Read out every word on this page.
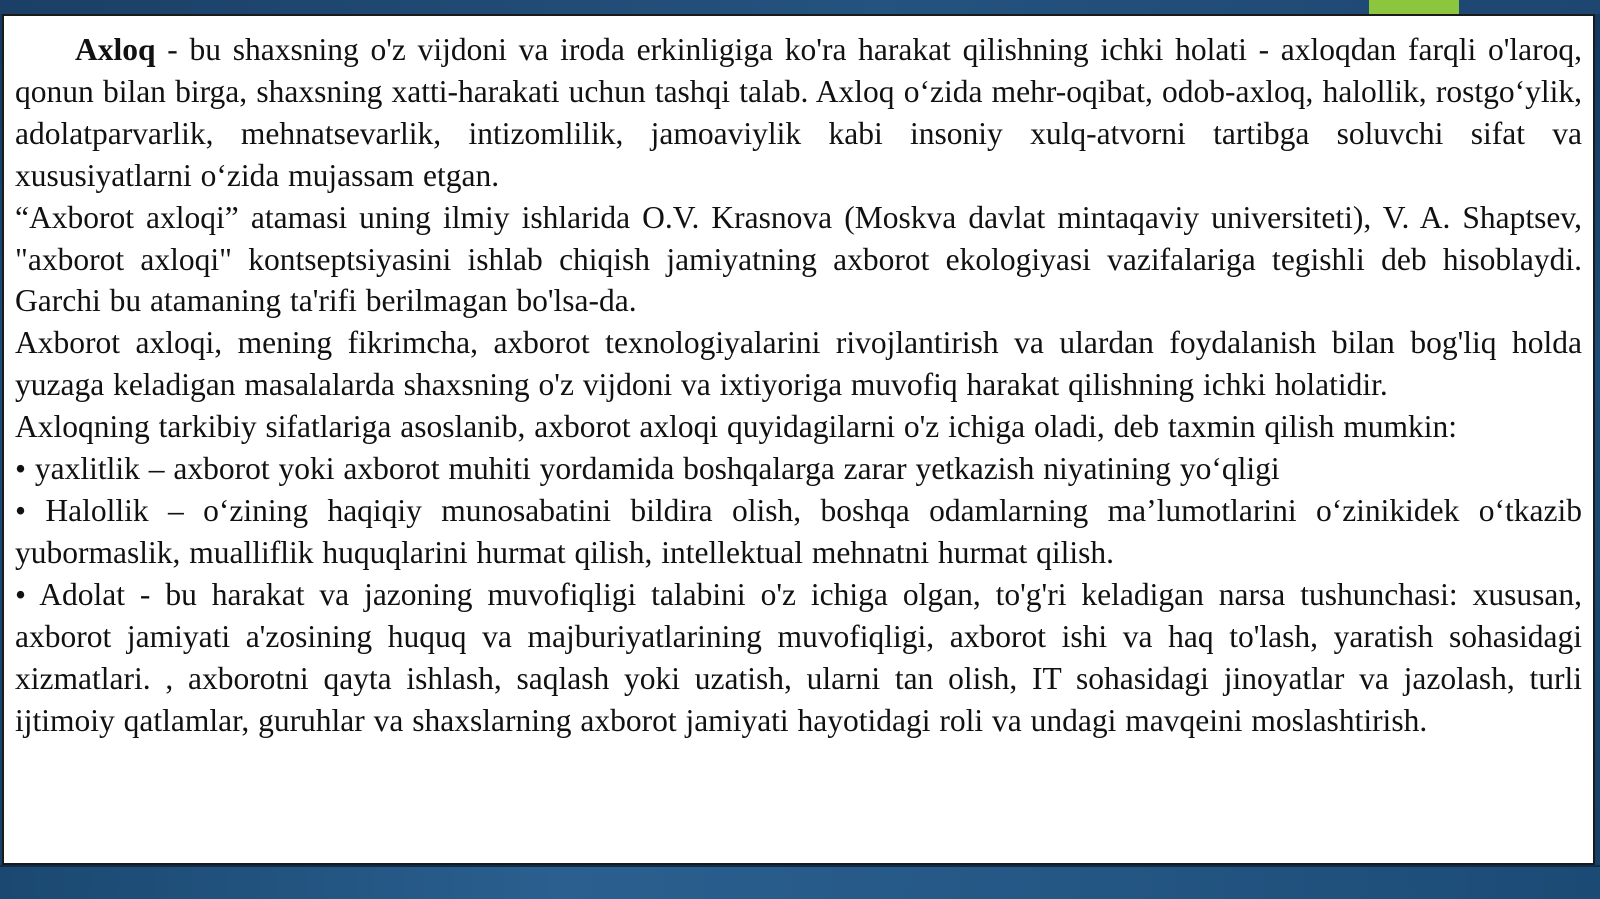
Axloq - bu shaxsning o'z vijdoni va iroda erkinligiga ko'ra harakat qilishning ichki holati - axloqdan farqli o'laroq, qonun bilan birga, shaxsning xatti-harakati uchun tashqi talab. Axloq oʻzida mehr-oqibat, odob-axloq, halollik, rostgoʻylik, adolatparvarlik, mehnatsevarlik, intizomlilik, jamoaviylik kabi insoniy xulq-atvorni tartibga soluvchi sifat va xususiyatlarni oʻzida mujassam etgan.

“Axborot axloqi” atamasi uning ilmiy ishlarida O.V. Krasnova (Moskva davlat mintaqaviy universiteti), V. A. Shaptsev, "axborot axloqi" kontseptsiyasini ishlab chiqish jamiyatning axborot ekologiyasi vazifalariga tegishli deb hisoblaydi. Garchi bu atamaning ta'rifi berilmagan bo'lsa-da.

Axborot axloqi, mening fikrimcha, axborot texnologiyalarini rivojlantirish va ulardan foydalanish bilan bog'liq holda yuzaga keladigan masalalarda shaxsning o'z vijdoni va ixtiyoriga muvofiq harakat qilishning ichki holatidir.

Axloqning tarkibiy sifatlariga asoslanib, axborot axloqi quyidagilarni o'z ichiga oladi, deb taxmin qilish mumkin:

• yaxlitlik – axborot yoki axborot muhiti yordamida boshqalarga zarar yetkazish niyatining yoʻqligi

• Halollik – oʻzining haqiqiy munosabatini bildira olish, boshqa odamlarning maʼlumotlarini oʻzinikidek oʻtkazib yubormaslik, mualliflik huquqlarini hurmat qilish, intellektual mehnatni hurmat qilish.

• Adolat - bu harakat va jazoning muvofiqligi talabini o'z ichiga olgan, to'g'ri keladigan narsa tushunchasi: xususan, axborot jamiyati a'zosining huquq va majburiyatlarining muvofiqligi, axborot ishi va haq to'lash, yaratish sohasidagi xizmatlari. , axborotni qayta ishlash, saqlash yoki uzatish, ularni tan olish, IT sohasidagi jinoyatlar va jazolash, turli ijtimoiy qatlamlar, guruhlar va shaxslarning axborot jamiyati hayotidagi roli va undagi mavqeini moslashtirish.
